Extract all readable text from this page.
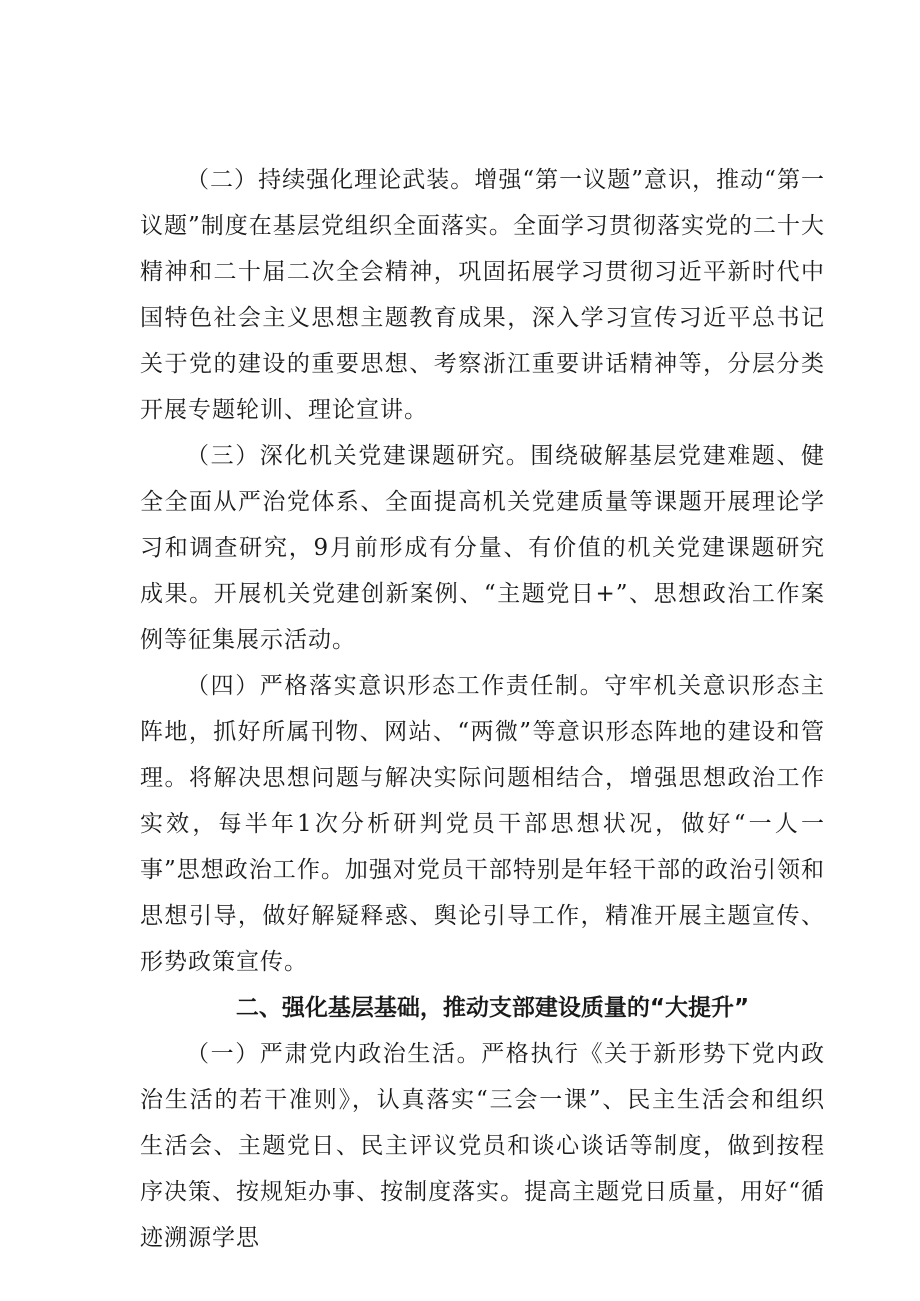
（二）持续强化理论武装。增强“第一议题”意识，推动“第一议题”制度在基层党组织全面落实。全面学习贯彻落实党的二十大精神和二十届二次全会精神，巩固拓展学习贯彻习近平新时代中国特色社会主义思想主题教育成果，深入学习宣传习近平总书记关于党的建设的重要思想、考察浙江重要讲话精神等，分层分类开展专题轮训、理论宣讲。

（三）深化机关党建课题研究。围绕破解基层党建难题、健全全面从严治党体系、全面提高机关党建质量等课题开展理论学习和调查研究，9月前形成有分量、有价值的机关党建课题研究成果。开展机关党建创新案例、“主题党日+”、思想政治工作案例等征集展示活动。

（四）严格落实意识形态工作责任制。守牢机关意识形态主阵地，抓好所属刊物、网站、“两微”等意识形态阵地的建设和管理。将解决思想问题与解决实际问题相结合，增强思想政治工作实效，每半年1次分析研判党员干部思想状况，做好“一人一事”思想政治工作。加强对党员干部特别是年轻干部的政治引领和思想引导，做好解疑释惑、舆论引导工作，精准开展主题宣传、形势政策宣传。

二、强化基层基础，推动支部建设质量的“大提升”

（一）严肃党内政治生活。严格执行《关于新形势下党内政治生活的若干准则》，认真落实“三会一课”、民主生活会和组织生活会、主题党日、民主评议党员和谈心谈话等制度，做到按程序决策、按规矩办事、按制度落实。提高主题党日质量，用好“循迹溯源学思
